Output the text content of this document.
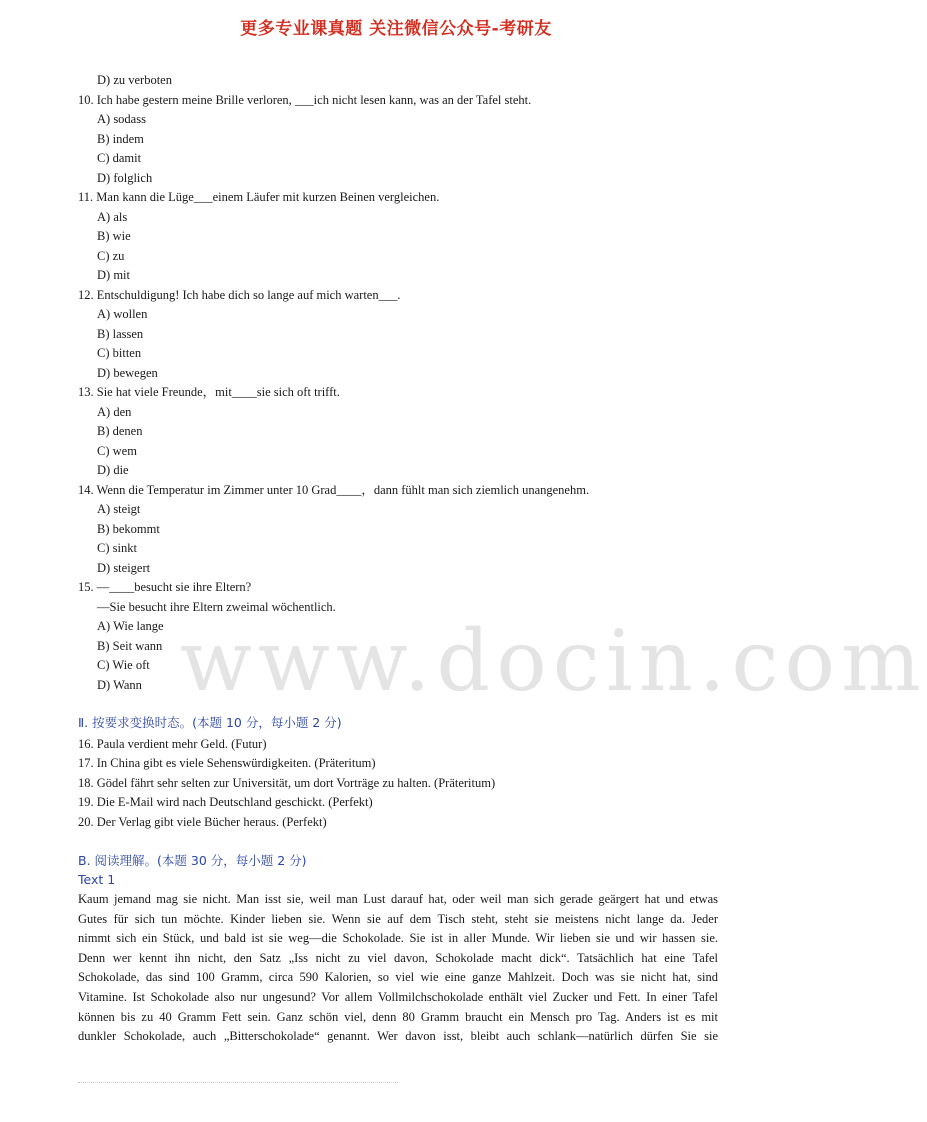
更多专业课真题 关注微信公众号-考研友
D) zu verboten
10. Ich habe gestern meine Brille verloren, ___ich nicht lesen kann, was an der Tafel steht.
A) sodass
B) indem
C) damit
D) folglich
11. Man kann die Lüge___einem Läufer mit kurzen Beinen vergleichen.
A) als
B) wie
C) zu
D) mit
12. Entschuldigung! Ich habe dich so lange auf mich warten___.
A) wollen
B) lassen
C) bitten
D) bewegen
13. Sie hat viele Freunde，mit____sie sich oft trifft.
A) den
B) denen
C) wem
D) die
14. Wenn die Temperatur im Zimmer unter 10 Grad____，dann fühlt man sich ziemlich unangenehm.
A) steigt
B) bekommt
C) sinkt
D) steigert
15. —____besucht sie ihre Eltern?
—Sie besucht ihre Eltern zweimal wöchentlich.
A) Wie lange
B) Seit wann
C) Wie oft
D) Wann
Ⅱ. 按要求变换时态。(本题 10 分，每小题 2 分)
16. Paula verdient mehr Geld. (Futur)
17. In China gibt es viele Sehenswürdigkeiten. (Präteritum)
18. Gödel fährt sehr selten zur Universität, um dort Vorträge zu halten. (Präteritum)
19. Die E-Mail wird nach Deutschland geschickt. (Perfekt)
20. Der Verlag gibt viele Bücher heraus. (Perfekt)
B. 阅读理解。(本题 30 分，每小题 2 分)
Text 1
Kaum jemand mag sie nicht. Man isst sie, weil man Lust darauf hat, oder weil man sich gerade geärgert hat und etwas
Gutes für sich tun möchte. Kinder lieben sie. Wenn sie auf dem Tisch steht, steht sie meistens nicht lange da. Jeder
nimmt sich ein Stück, und bald ist sie weg—die Schokolade. Sie ist in aller Munde. Wir lieben sie und wir hassen sie.
Denn wer kennt ihn nicht, den Satz „Iss nicht zu viel davon, Schokolade macht dick“. Tatsächlich hat eine Tafel
Schokolade, das sind 100 Gramm, circa 590 Kalorien, so viel wie eine ganze Mahlzeit. Doch was sie nicht hat, sind
Vitamine. Ist Schokolade also nur ungesund? Vor allem Vollmilchschokolade enthält viel Zucker und Fett. In einer Tafel
können bis zu 40 Gramm Fett sein. Ganz schön viel, denn 80 Gramm braucht ein Mensch pro Tag. Anders ist es mit
dunkler Schokolade, auch „Bitterschokolade“ genannt. Wer davon isst, bleibt auch schlank—natürlich dürfen Sie sie
www.docin.com
